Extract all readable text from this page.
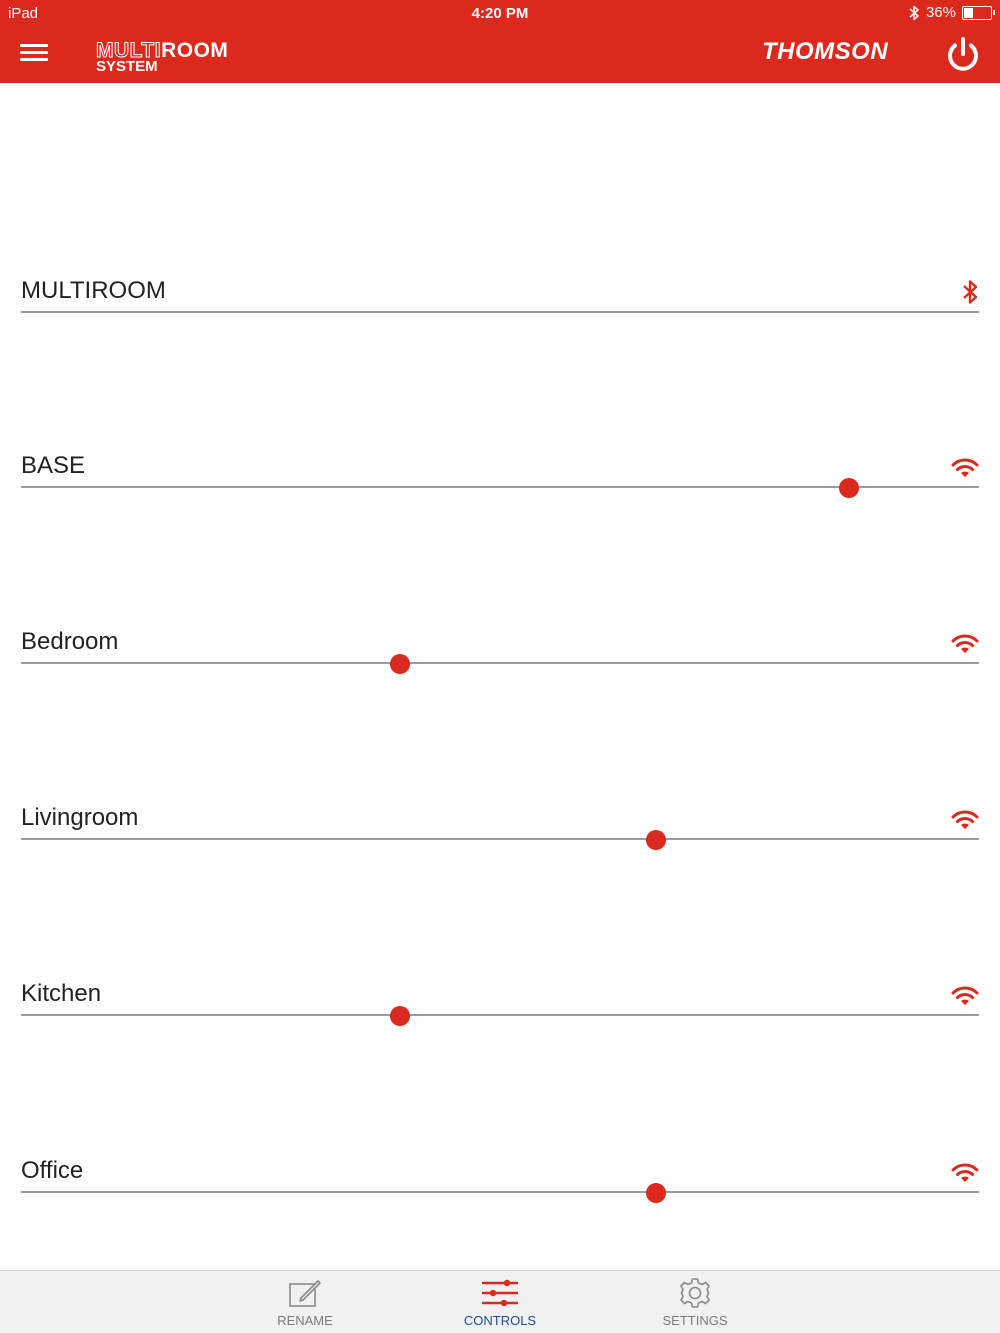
iPad	4:20 PM	36%
MULTIROOM
SYSTEM
THOMSON
MULTIROOM
BASE
Bedroom
Livingroom
Kitchen
Office
RENAME	CONTROLS	SETTINGS
